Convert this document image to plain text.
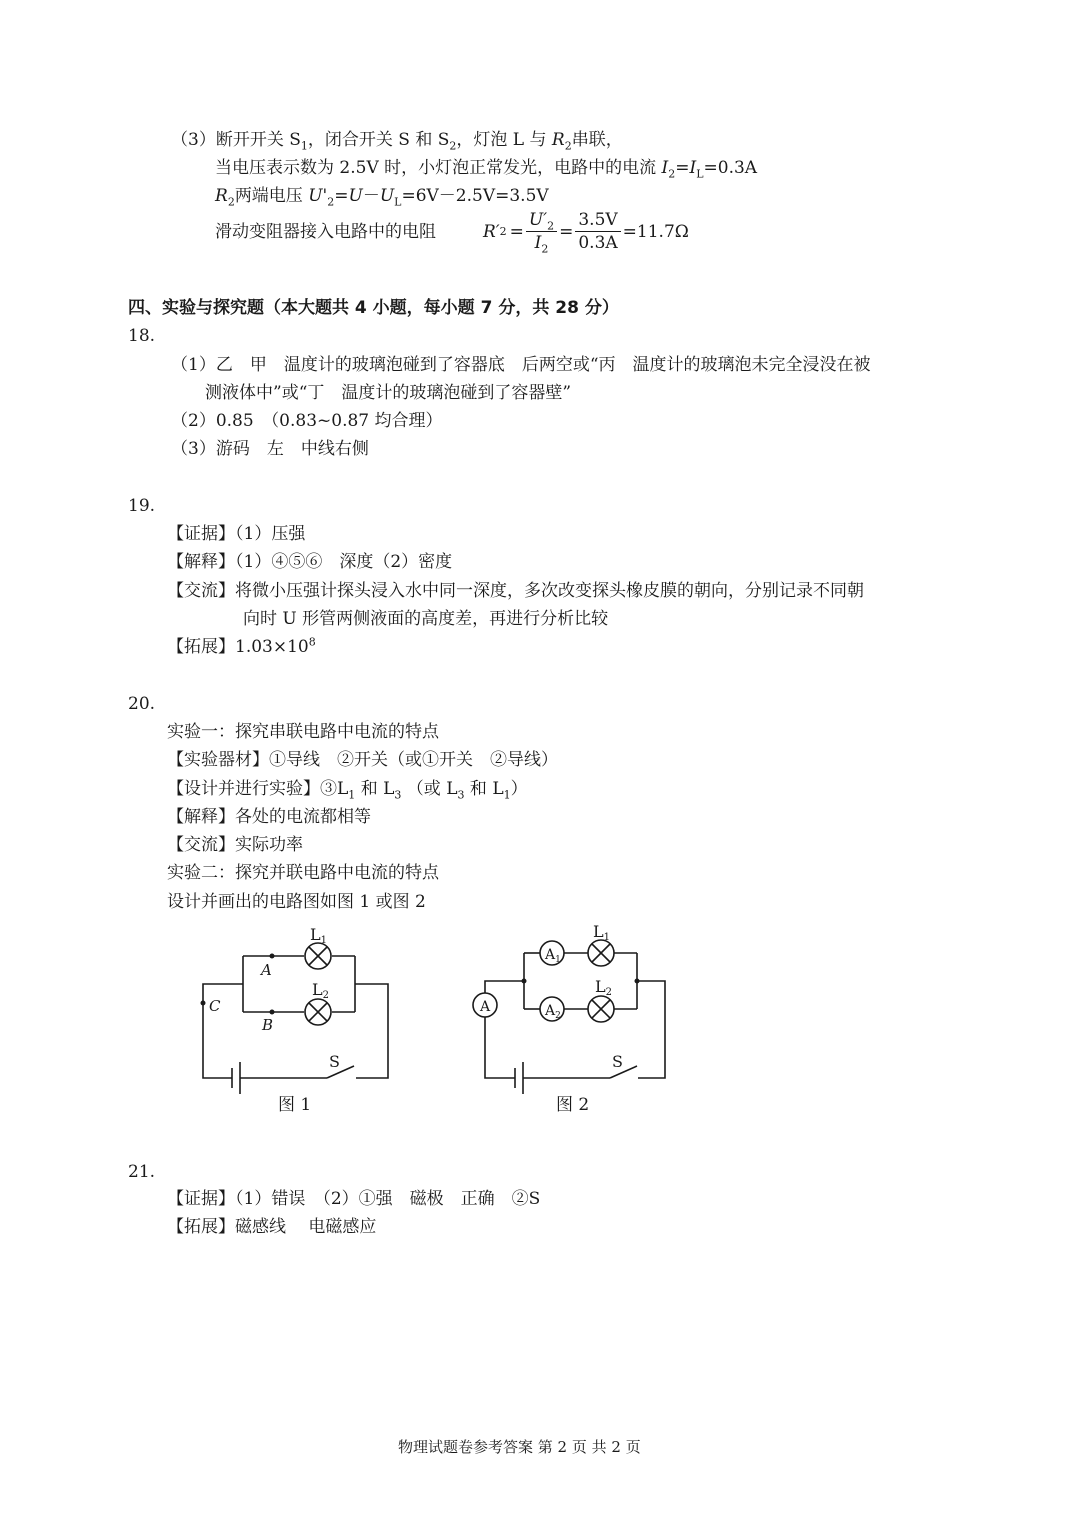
（3）断开开关 $S_1$，闭合开关 S 和 $S_2$，灯泡 L 与 $R_2$串联，
当电压表示数为 2.5V 时，小灯泡正常发光，电路中的电流 $I_2=I_L=0.3A$
$R_2$两端电压 $U'_2=U-U_L=6V-2.5V=3.5V$
滑动变阻器接入电路中的电阻	R′ $2 = \frac{U'_2}{I_2} = \frac{3.5V}{0.3A} =11.7\Omega$
四、实验与探究题（本大题共 4 小题，每小题 7 分，共 28 分）
18.
（1）乙　甲　温度计的玻璃泡碰到了容器底　后两空或“丙　温度计的玻璃泡未完全浸没在被
测液体中”或“丁　温度计的玻璃泡碰到了容器壁”
（2）0.85　（0.83~0.87 均合理）
（3）游码　左　中线右侧
19.
【证据】（1）压强
【解释】（1）④⑤⑥　深度（2）密度
【交流】将微小压强计探头浸入水中同一深度，多次改变探头橡皮膜的朝向，分别记录不同朝
向时 U 形管两侧液面的高度差，再进行分析比较
【拓展】$1.03\times 10^8$
20.
实验一：探究串联电路中电流的特点
【实验器材】①导线　②开关（或①开关　②导线）
【设计并进行实验】$③L_1$ 和 $L_3$ （或 $L_3$ 和 $L_1$）
【解释】各处的电流都相等
【交流】实际功率
实验二：探究并联电路中电流的特点
设计并画出的电路图如图 1 或图 2
L1
L2
A
B
C
S
图 1
L1
L2
$A_1$
$A_2$
A
S
图 2
21.
【证据】（1）错误　（2）①强　磁极　正确　②S
【拓展】磁感线　 电磁感应
物理试题卷参考答案 第 2 页 共 2 页
